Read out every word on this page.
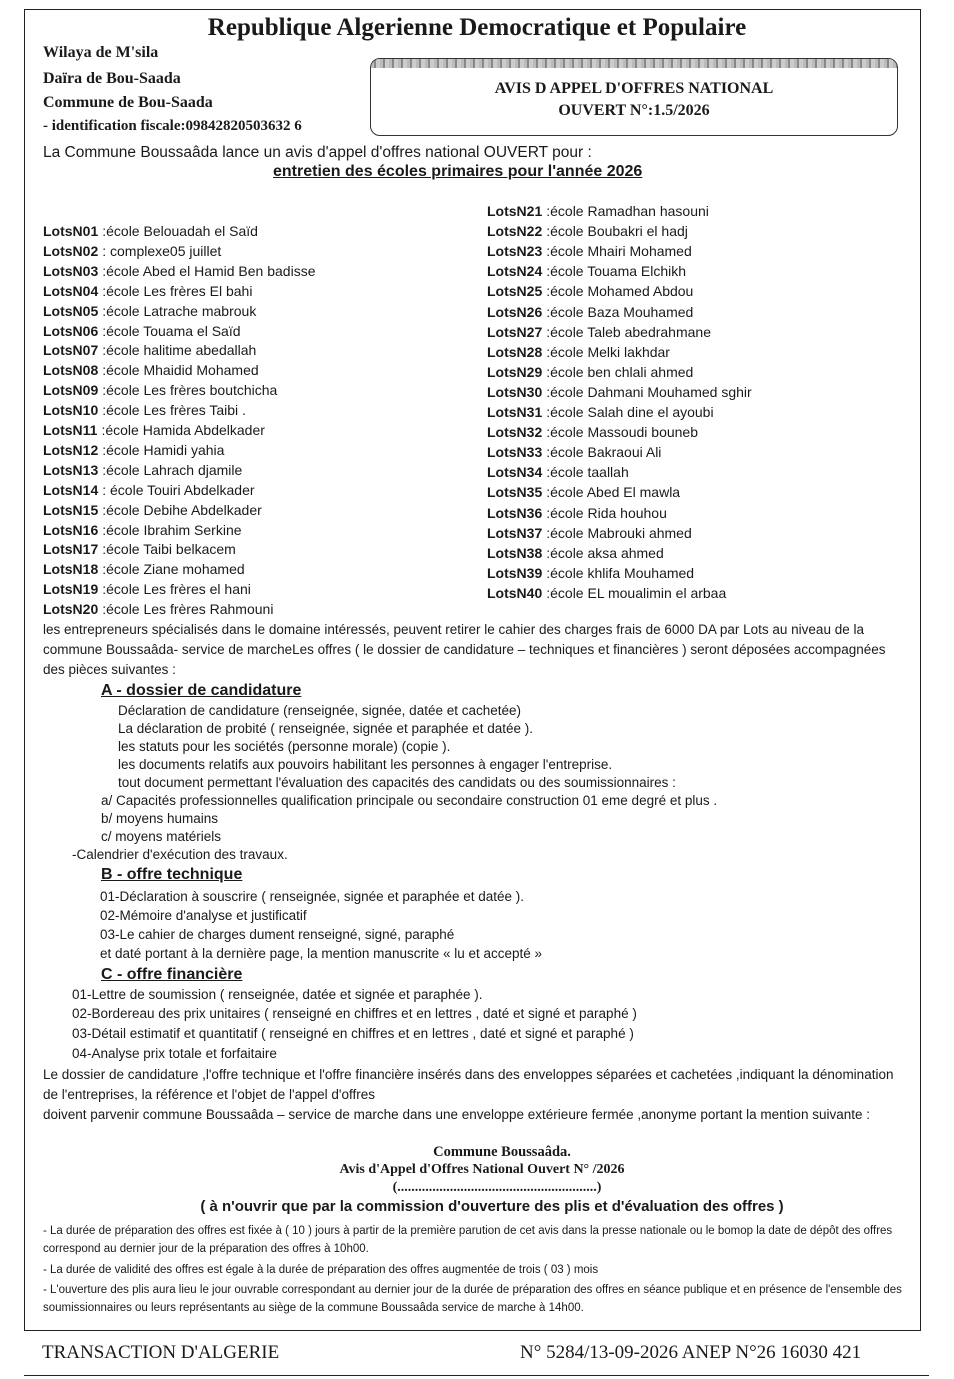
Republique Algerienne Democratique et Populaire
Wilaya de M'sila
Daïra de Bou-Saada
Commune de Bou-Saada
- identification fiscale:09842820503632 6
AVIS D APPEL D'OFFRES NATIONAL
OUVERT N°:1.5/2026
La Commune Boussaâda lance un avis d'appel d'offres national OUVERT pour :
entretien des écoles primaires pour l'année 2026
LotsN01 :école Belouadah el Saïd
LotsN02 : complexe05 juillet
LotsN03 :école Abed el Hamid Ben badisse
LotsN04 :école Les frères El bahi
LotsN05 :école Latrache mabrouk
LotsN06 :école Touama el Saïd
LotsN07 :école halitime abedallah
LotsN08 :école Mhaidid Mohamed
LotsN09 :école Les frères boutchicha
LotsN10 :école Les frères Taibi .
LotsN11 :école Hamida Abdelkader
LotsN12 :école Hamidi yahia
LotsN13 :école Lahrach djamile
LotsN14 : école Touiri Abdelkader
LotsN15 :école Debihe Abdelkader
LotsN16 :école Ibrahim Serkine
LotsN17 :école Taibi belkacem
LotsN18 :école Ziane mohamed
LotsN19 :école Les frères el hani
LotsN20 :école Les frères Rahmouni
LotsN21 :école Ramadhan hasouni
LotsN22 :école Boubakri el hadj
LotsN23 :école Mhairi Mohamed
LotsN24 :école Touama Elchikh
LotsN25 :école Mohamed Abdou
LotsN26 :école Baza Mouhamed
LotsN27 :école Taleb abedrahmane
LotsN28 :école Melki lakhdar
LotsN29 :école ben chlali ahmed
LotsN30 :école Dahmani Mouhamed sghir
LotsN31 :école Salah dine el ayoubi
LotsN32 :école Massoudi bouneb
LotsN33 :école Bakraoui Ali
LotsN34 :école taallah
LotsN35 :école Abed El mawla
LotsN36 :école Rida houhou
LotsN37 :école Mabrouki ahmed
LotsN38 :école aksa ahmed
LotsN39 :école khlifa Mouhamed
LotsN40 :école EL moualimin el arbaa
les entrepreneurs spécialisés dans le domaine intéressés, peuvent retirer le cahier des charges frais de 6000 DA par Lots au niveau de la commune Boussaâda- service de marcheLes offres ( le dossier de candidature – techniques et financières ) seront déposées accompagnées des pièces suivantes :
A - dossier de candidature
Déclaration de candidature (renseignée, signée, datée et cachetée)
La déclaration de probité ( renseignée, signée et paraphée et datée ).
les statuts pour les sociétés (personne morale) (copie ).
les documents relatifs aux pouvoirs habilitant les personnes à engager l'entreprise.
tout document permettant l'évaluation des capacités des candidats ou des soumissionnaires :
a/ Capacités professionnelles qualification principale ou secondaire construction 01 eme degré et plus .
b/ moyens humains
c/ moyens matériels
-Calendrier d'exécution des travaux.
B - offre technique
01-Déclaration à souscrire ( renseignée, signée et paraphée et datée ).
02-Mémoire d'analyse et justificatif
03-Le cahier de charges dument renseigné, signé, paraphé
et daté portant à la dernière page, la mention manuscrite « lu et accepté »
C - offre financière
01-Lettre de soumission ( renseignée, datée et signée et paraphée ).
02-Bordereau des prix unitaires ( renseigné en chiffres et en lettres , daté et signé et paraphé )
03-Détail estimatif et quantitatif ( renseigné en chiffres et en lettres , daté et signé et paraphé )
04-Analyse prix totale et forfaitaire
Le dossier de candidature ,l'offre technique et l'offre financière insérés dans des enveloppes séparées et cachetées ,indiquant la dénomination de l'entreprises, la référence et l'objet de l'appel d'offres
doivent parvenir commune Boussaâda – service de marche dans une enveloppe extérieure fermée ,anonyme portant la mention suivante :
Commune Boussaâda.
Avis d'Appel d'Offres National Ouvert N° /2026
(.........................................................)
( à n'ouvrir que par la commission d'ouverture des plis et d'évaluation des offres )
- La durée de préparation des offres est fixée à ( 10 ) jours à partir de la première parution de cet avis dans la presse nationale ou le bomop la date de dépôt des offres correspond au dernier jour de la préparation des offres à 10h00.
- La durée de validité des offres est égale à la durée de préparation des offres augmentée de trois ( 03 ) mois
- L'ouverture des plis aura lieu le jour ouvrable correspondant au dernier jour de la durée de préparation des offres en séance publique et en présence de l'ensemble des soumissionnaires ou leurs représentants au siège de la commune Boussaâda service de marche à 14h00.
TRANSACTION D'ALGERIE	N° 5284/13-09-2026 ANEP N°26 16030 421
